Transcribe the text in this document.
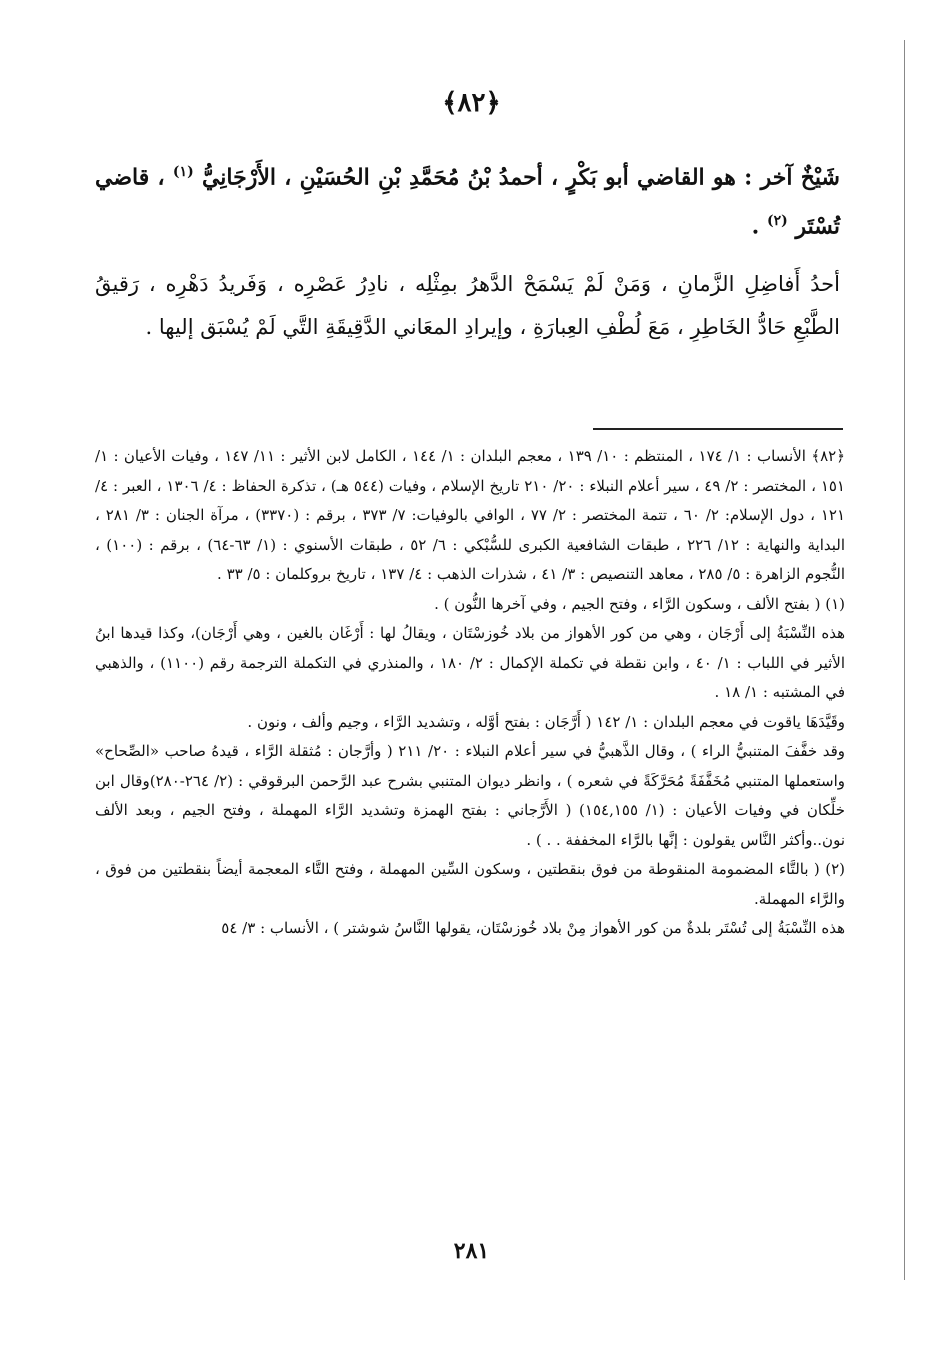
﴿٨٢﴾

شَيْخٌ آخر : هو القاضي أبو بَكْرٍ ، أحمدُ بْنُ مُحَمَّدِ بْنِ الحُسَيْنِ ، الأَرْجَانِيُّ $^{(١)}$ ، قاضي تُسْتَر $^{(٢)}$ .

أحدُ أَفاضِلِ الزَّمانِ ، وَمَنْ لَمْ يَسْمَحْ الدَّهرُ بمِثْلِه ، نادِرُ عَصْرِه ، وَفَريدُ دَهْرِه ، رَقيقُ الطَّبْعِ حَادُّ الخَاطِرِ ، مَعَ لُطْفِ العِبارَةِ ، وإيرادِ المعَاني الدَّقِيقَةِ التَّي لَمْ يُسْبَق إليها .

﴿٨٢﴾ الأنساب : ١/ ١٧٤ ، المنتظم : ١٠/ ١٣٩ ، معجم البلدان : ١/ ١٤٤ ، الكامل لابن الأثير : ١١/ ١٤٧ ، وفيات الأعيان : ١/ ١٥١ ، المختصر : ٢/ ٤٩ ، سير أعلام النبلاء : ٢٠/ ٢١٠ تاريخ الإسلام ، وفيات (٥٤٤ هـ) ، تذكرة الحفاظ : ٤/ ١٣٠٦ ، العبر : ٤/ ١٢١ ، دول الإسلام: ٢/ ٦٠ ، تتمة المختصر : ٢/ ٧٧ ، الوافي بالوفيات: ٧/ ٣٧٣ ، برقم : (٣٣٧٠) ، مرآة الجنان : ٣/ ٢٨١ ، البداية والنهاية : ١٢/ ٢٢٦ ، طبقات الشافعية الكبرى للسُّبْكي : ٦/ ٥٢ ، طبقات الأسنوي : (١/ ٦٣-٦٤) ، برقم : (١٠٠) ، النُّجوم الزاهرة : ٥/ ٢٨٥ ، معاهد التنصيص : ٣/ ٤١ ، شذرات الذهب : ٤/ ١٣٧ ، تاريخ بروكلمان : ٥/ ٣٣ .

(١) ( بفتح الألف ، وسكون الرَّاء ، وفتح الجيم ، وفي آخرها النُّون ) .

هذه النِّسْبَةُ إلى أَرْجَان ، وهي من كور الأهواز من بلاد خُوزسْتَان ، ويقالُ لها : أَرْغَان بالغين ، وهي أَرْجَان)، وكذا قيدها ابنُ الأثير في اللباب : ١/ ٤٠ ، وابن نقطة في تكملة الإكمال : ٢/ ١٨٠ ، والمنذري في التكملة الترجمة رقم (١١٠٠) ، والذهبي في المشتبه : ١/ ١٨ .

وقَيَّدَهَا ياقوت في معجم البلدان : ١/ ١٤٢ ( أَرَّجَان : بفتح أوَّله ، وتشديد الرَّاء ، وجيم وألف ، ونون .

وقد خفَّفَ المتنبيُّ الراء ) ، وقال الذَّهبيُّ في سير أعلام النبلاء : ٢٠/ ٢١١ ( وأرَّجان : مُثقلة الرَّاء ، قيدهُ صاحب «الصِّحاح» واستعملها المتنبي مُخَفَّفَةً مُحَرَّكَةً في شعره ) ، وانظر ديوان المتنبي بشرح عبد الرَّحمن البرقوقي : (٢/ ٢٦٤-٢٨٠)وقال ابن خلِّكان في وفيات الأعيان : (١/ ١٥٤,١٥٥) ( الأَرَّجاني : بفتح الهمزة وتشديد الرَّاء المهملة ، وفتح الجيم ، وبعد الألف نون..وأكثر النَّاس يقولون : إنَّها بالرَّاء المخففة . . ) .

(٢) ( بالتَّاء المضمومة المنقوطة من فوق بنقطتين ، وسكون السِّين المهملة ، وفتح التَّاء المعجمة أيضاً بنقطتين من فوق ، والرَّاء المهملة.

هذه النِّسْبَةُ إلى تُسْتَر بلدةٌ من كور الأهواز مِنْ بلاد خُوزسْتَان، يقولها النَّاسُ شوشتر ) ، الأنساب : ٣/ ٥٤

٢٨١
